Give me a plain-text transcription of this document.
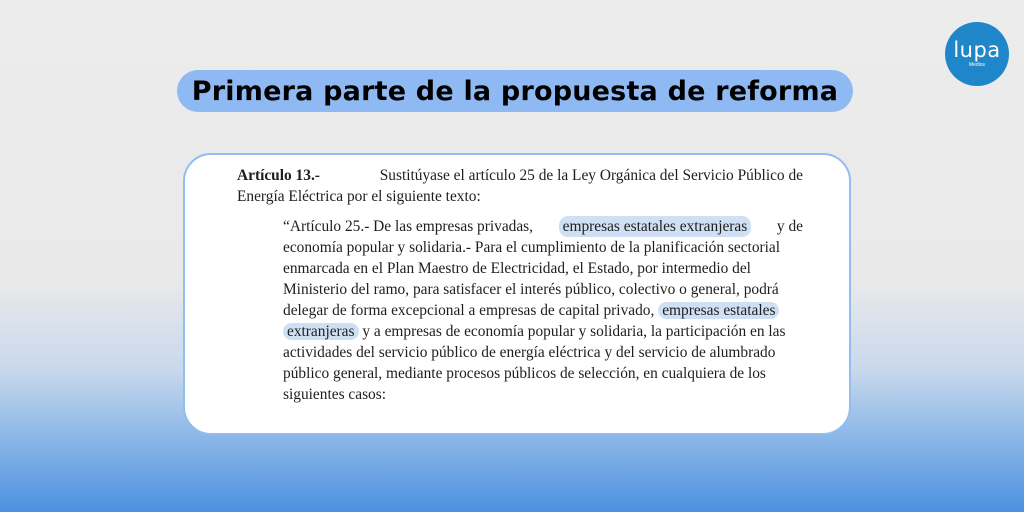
lupa
Medios
Primera parte de la propuesta de reforma
Artículo 13.-	Sustitúyase el artículo 25 de la Ley Orgánica del Servicio Público de
Energía Eléctrica por el siguiente texto:
“Artículo 25.- De las empresas privadas, empresas estatales extranjeras y de
economía popular y solidaria.- Para el cumplimiento de la planificación sectorial
enmarcada en el Plan Maestro de Electricidad, el Estado, por intermedio del
Ministerio del ramo, para satisfacer el interés público, colectivo o general, podrá
delegar de forma excepcional a empresas de capital privado, empresas estatales
extranjeras y a empresas de economía popular y solidaria, la participación en las
actividades del servicio público de energía eléctrica y del servicio de alumbrado
público general, mediante procesos públicos de selección, en cualquiera de los
siguientes casos:
